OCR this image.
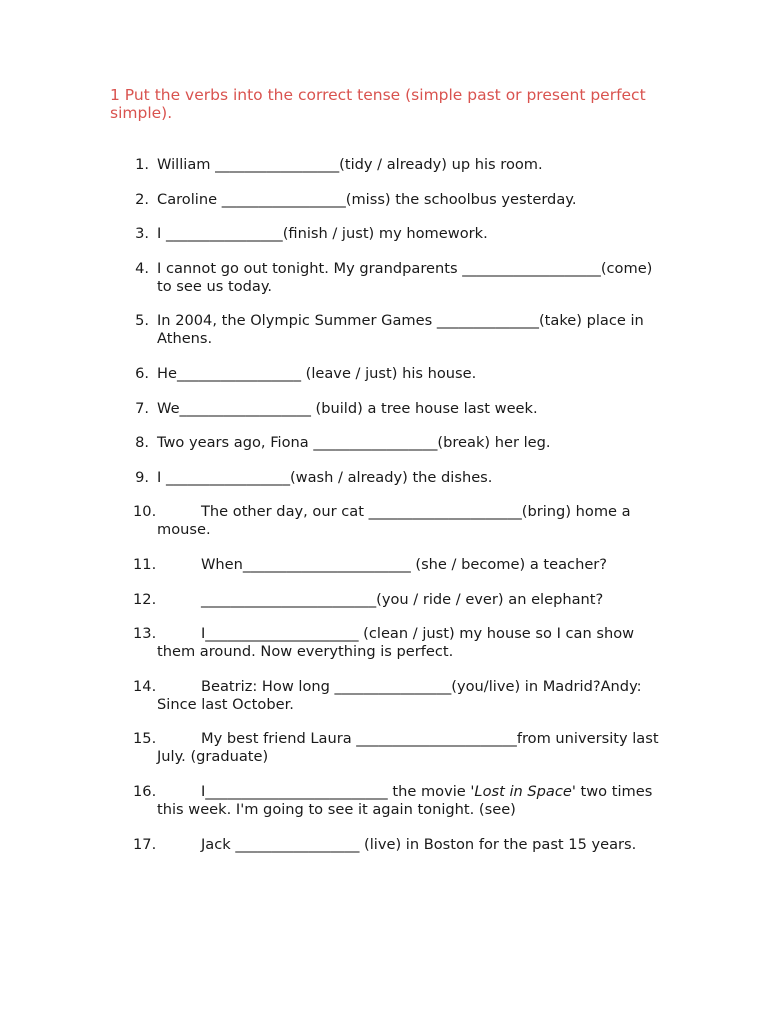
1 Put the verbs into the correct tense (simple past or present perfect simple).
1. William _________________(tidy / already) up his room.
2. Caroline _________________(miss) the schoolbus yesterday.
3. I ________________(finish / just) my homework.
4. I cannot go out tonight. My grandparents ___________________(come) to see us today.
5. In 2004, the Olympic Summer Games ______________(take) place in Athens.
6. He_________________ (leave / just) his house.
7. We__________________ (build) a tree house last week.
8. Two years ago, Fiona _________________(break) her leg.
9. I _________________(wash / already) the dishes.
10.	The other day, our cat _____________________(bring) home a mouse.
11.	When_______________________ (she / become) a teacher?
12.	________________________(you / ride / ever) an elephant?
13.	I_____________________ (clean / just) my house so I can show them around. Now everything is perfect.
14.	Beatriz: How long ________________(you/live) in Madrid?Andy: Since last October.
15.	My best friend Laura ______________________from university last July. (graduate)
16.	I_________________________ the movie 'Lost in Space' two times this week. I'm going to see it again tonight. (see)
17.	Jack _________________ (live) in Boston for the past 15 years.
